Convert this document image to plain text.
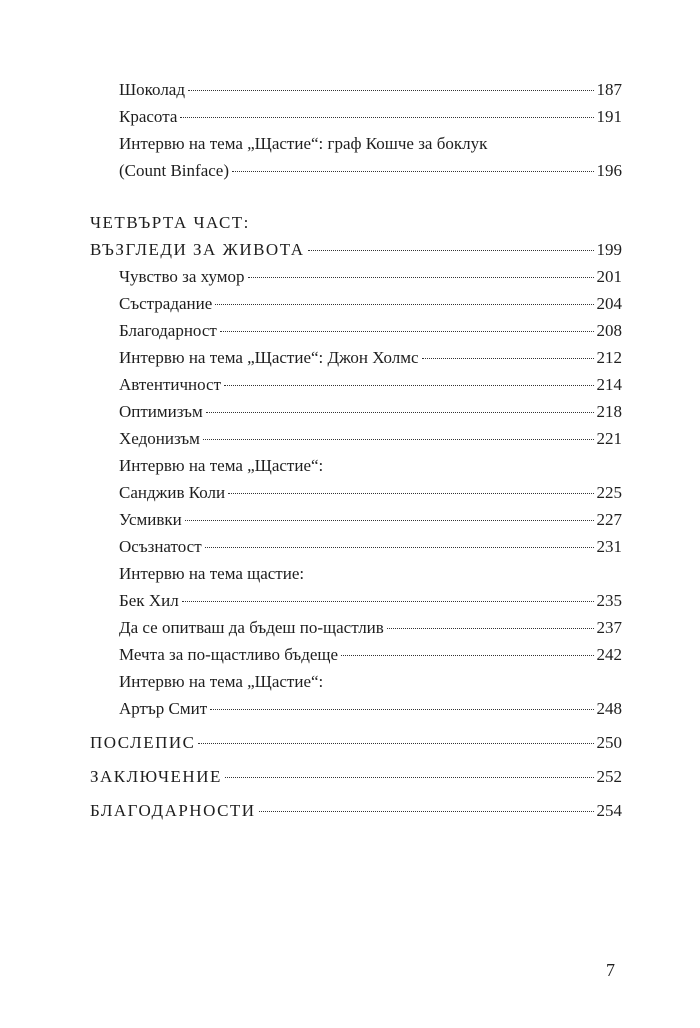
Шоколад	187
Красота	191
Интервю на тема „Щастие“: граф Кошче за боклук
(Count Binface)	196
ЧЕТВЪРТА ЧАСТ:
ВЪЗГЛЕДИ ЗА ЖИВОТА	199
Чувство за хумор	201
Състрадание	204
Благодарност	208
Интервю на тема „Щастие“: Джон Холмс	212
Автентичност	214
Оптимизъм	218
Хедонизъм	221
Интервю на тема „Щастие“:
Санджив Коли	225
Усмивки	227
Осъзнатост	231
Интервю на тема щастие:
Бек Хил	235
Да се опитваш да бъдеш по-щастлив	237
Мечта за по-щастливо бъдеще	242
Интервю на тема „Щастие“:
Артър Смит	248
ПОСЛЕПИС	250
ЗАКЛЮЧЕНИЕ	252
БЛАГОДАРНОСТИ	254
7
